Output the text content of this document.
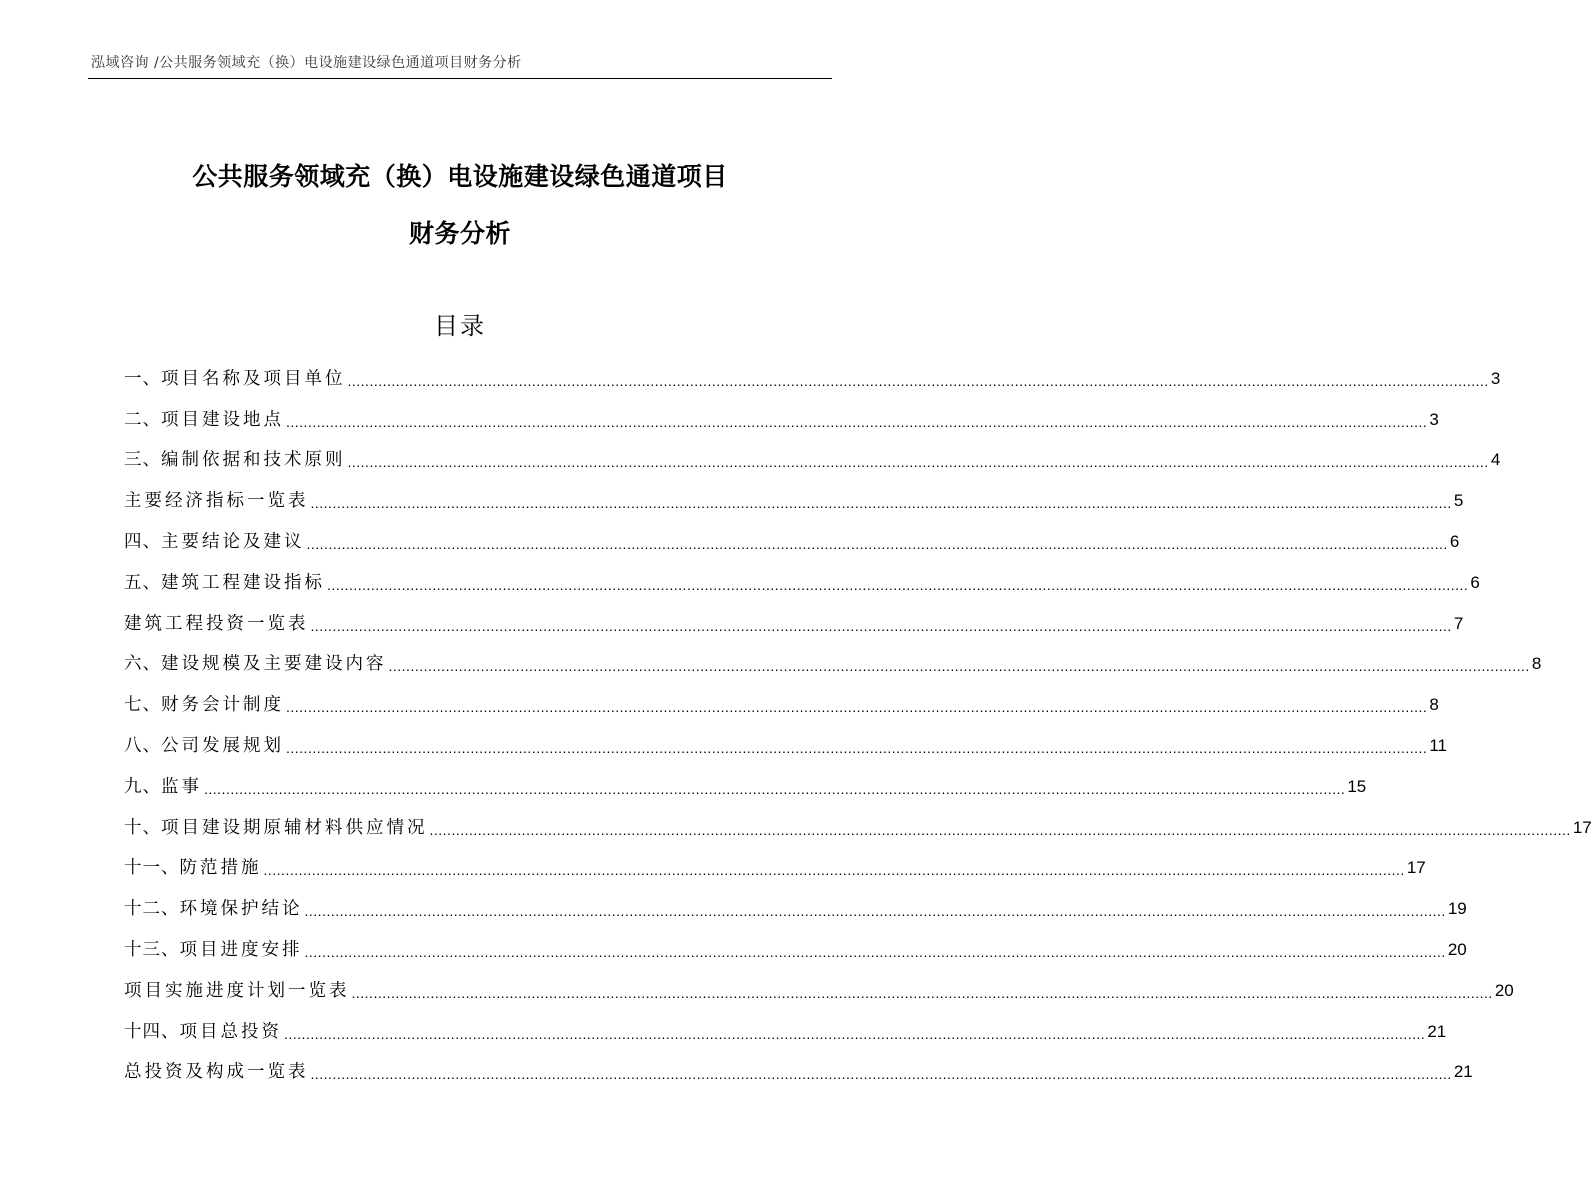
泓域咨询 /公共服务领域充（换）电设施建设绿色通道项目财务分析
公共服务领域充（换）电设施建设绿色通道项目
财务分析
目录
一、 项目名称及项目单位 .................................................................................................................................................................................................................................................................... 3
二、 项目建设地点 .................................................................................................................................................................................................................................................................... 3
三、 编制依据和技术原则 .................................................................................................................................................................................................................................................................... 4
主要经济指标一览表 .................................................................................................................................................................................................................................................................... 5
四、 主要结论及建议 .................................................................................................................................................................................................................................................................... 6
五、 建筑工程建设指标 .................................................................................................................................................................................................................................................................... 6
建筑工程投资一览表 .................................................................................................................................................................................................................................................................... 7
六、 建设规模及主要建设内容 .................................................................................................................................................................................................................................................................... 8
七、 财务会计制度 .................................................................................................................................................................................................................................................................... 8
八、 公司发展规划 .................................................................................................................................................................................................................................................................... 11
九、 监事 .................................................................................................................................................................................................................................................................... 15
十、 项目建设期原辅材料供应情况 .................................................................................................................................................................................................................................................................... 17
十一、 防范措施 .................................................................................................................................................................................................................................................................... 17
十二、 环境保护结论 .................................................................................................................................................................................................................................................................... 19
十三、 项目进度安排 .................................................................................................................................................................................................................................................................... 20
项目实施进度计划一览表 .................................................................................................................................................................................................................................................................... 20
十四、 项目总投资 .................................................................................................................................................................................................................................................................... 21
总投资及构成一览表 .................................................................................................................................................................................................................................................................... 21
